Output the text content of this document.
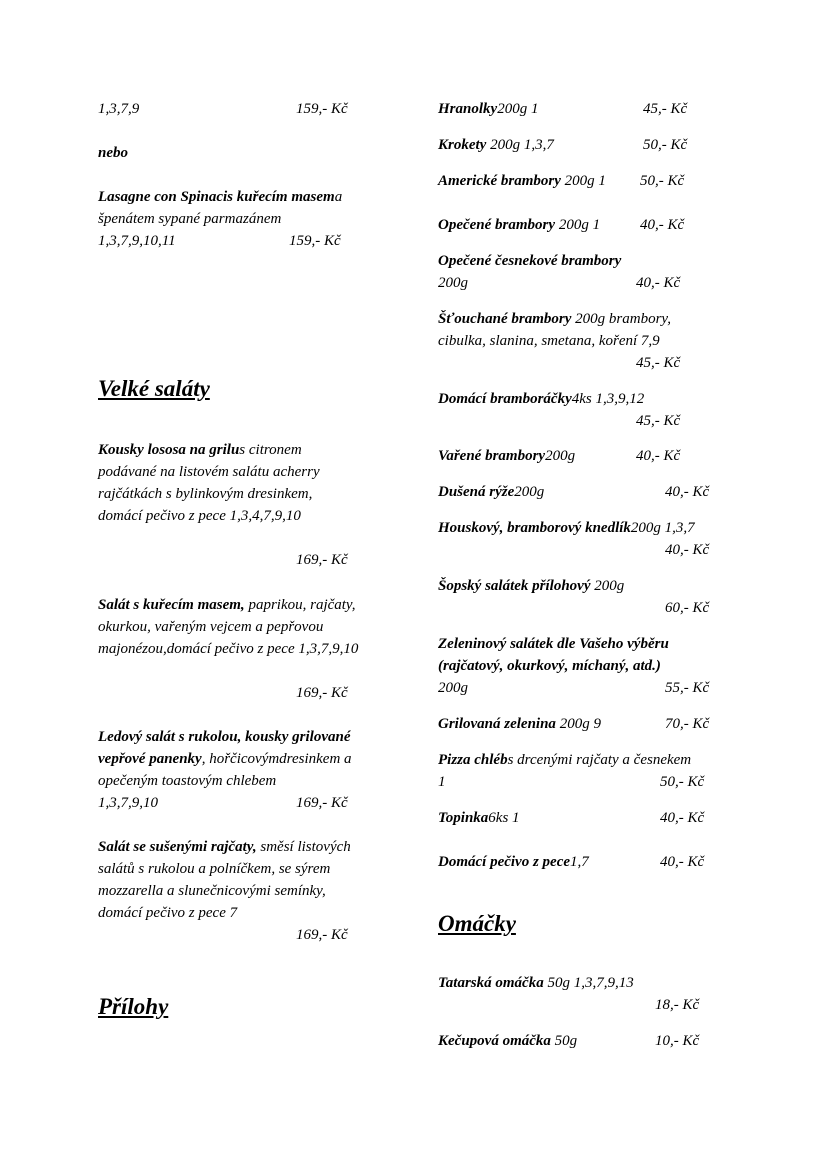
1,3,7,9	159,- Kč
nebo
Lasagne con Spinacis kuřecím masema
špenátem sypané parmazánem
1,3,7,9,10,11	159,- Kč
Velké saláty
Kousky lososa na grilus citronem
podávané na listovém salátu acherry
rajčátkách s bylinkovým dresinkem,
domácí pečivo z pece 1,3,4,7,9,10
169,- Kč
Salát s kuřecím masem, paprikou, rajčaty,
okurkou, vařeným vejcem a pepřovou
majonézou,domácí pečivo z pece 1,3,7,9,10
169,- Kč
Ledový salát s rukolou, kousky grilované
vepřové panenky, hořčicovýmdresinkem a
opečeným toastovým chlebem
1,3,7,9,10	169,- Kč
Salát se sušenými rajčaty, směsí listových
salátů s rukolou a polníčkem, se sýrem
mozzarella a slunečnicovými semínky,
domácí pečivo z pece 7
169,- Kč
Přílohy
Hranolky200g 1	45,- Kč
Krokety 200g 1,3,7	50,- Kč
Americké brambory 200g 1 50,- Kč
Opečené brambory 200g 1	40,- Kč
Opečené česnekové brambory
200g	40,- Kč
Šťouchané brambory 200g brambory,
cibulka, slanina, smetana, koření 7,9
45,- Kč
Domácí bramboráčky4ks 1,3,9,12
45,- Kč
Vařené brambory200g	40,- Kč
Dušená rýže200g	40,- Kč
Houskový, bramborový knedlík200g 1,3,7
40,- Kč
Šopský salátek přílohový 200g
60,- Kč
Zeleninový salátek dle Vašeho výběru
(rajčatový, okurkový, míchaný, atd.)
200g	55,- Kč
Grilovaná zelenina 200g 9	70,- Kč
Pizza chlébs drcenými rajčaty a česnekem
1	50,- Kč
Topinka6ks 1	40,- Kč
Domácí pečivo z pece1,7	40,- Kč
Omáčky
Tatarská omáčka 50g 1,3,7,9,13
18,- Kč
Kečupová omáčka 50g	10,- Kč
